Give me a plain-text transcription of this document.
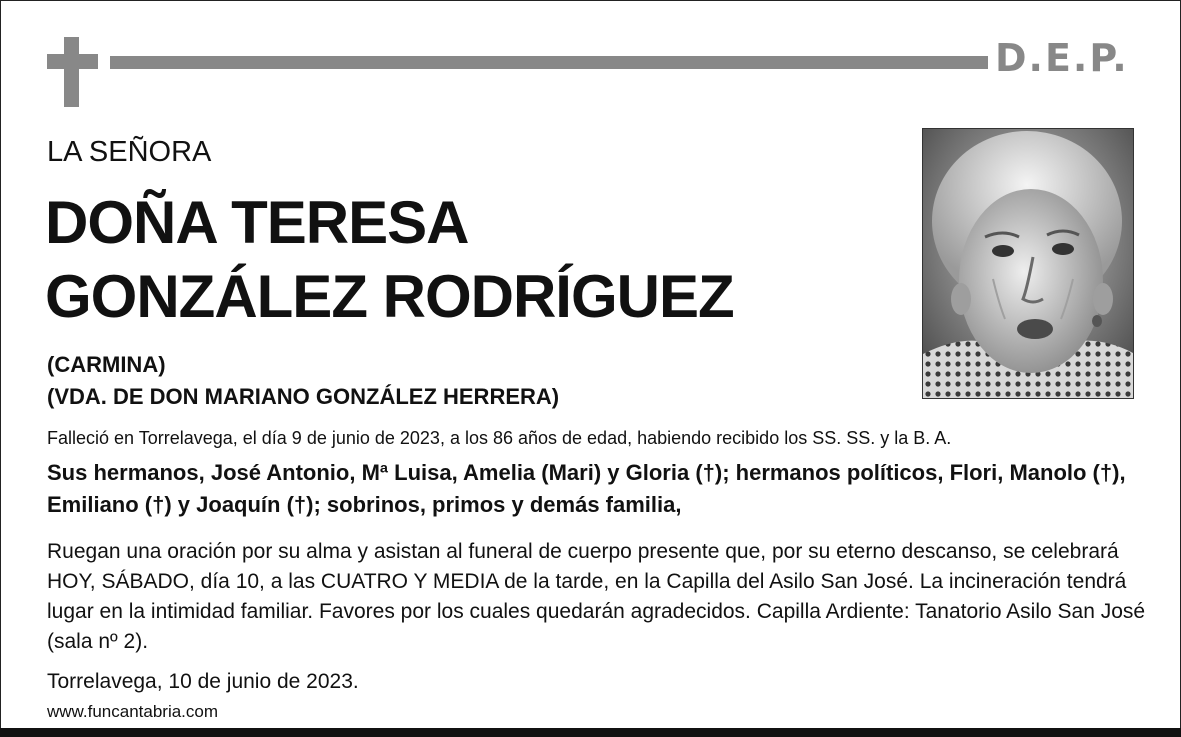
D.E.P.
LA SEÑORA
DOÑA TERESA
GONZÁLEZ RODRÍGUEZ
(CARMINA)
(VDA. DE DON MARIANO GONZÁLEZ HERRERA)
Falleció en Torrelavega, el día 9 de junio de 2023, a los 86 años de edad, habiendo recibido los SS. SS. y la B. A.
Sus hermanos, José Antonio, Mª Luisa, Amelia (Mari) y Gloria (†); hermanos políticos, Flori, Manolo (†), Emiliano (†) y Joaquín (†); sobrinos, primos y demás familia,
Ruegan una oración por su alma y asistan al funeral de cuerpo presente que, por su eterno descanso, se celebrará HOY, SÁBADO, día 10, a las CUATRO Y MEDIA de la tarde, en la Capilla del Asilo San José. La incineración tendrá lugar en la intimidad familiar. Favores por los cuales quedarán agradecidos. Capilla Ardiente: Tanatorio Asilo San José (sala nº 2).
Torrelavega, 10 de junio de 2023.
www.funcantabria.com
